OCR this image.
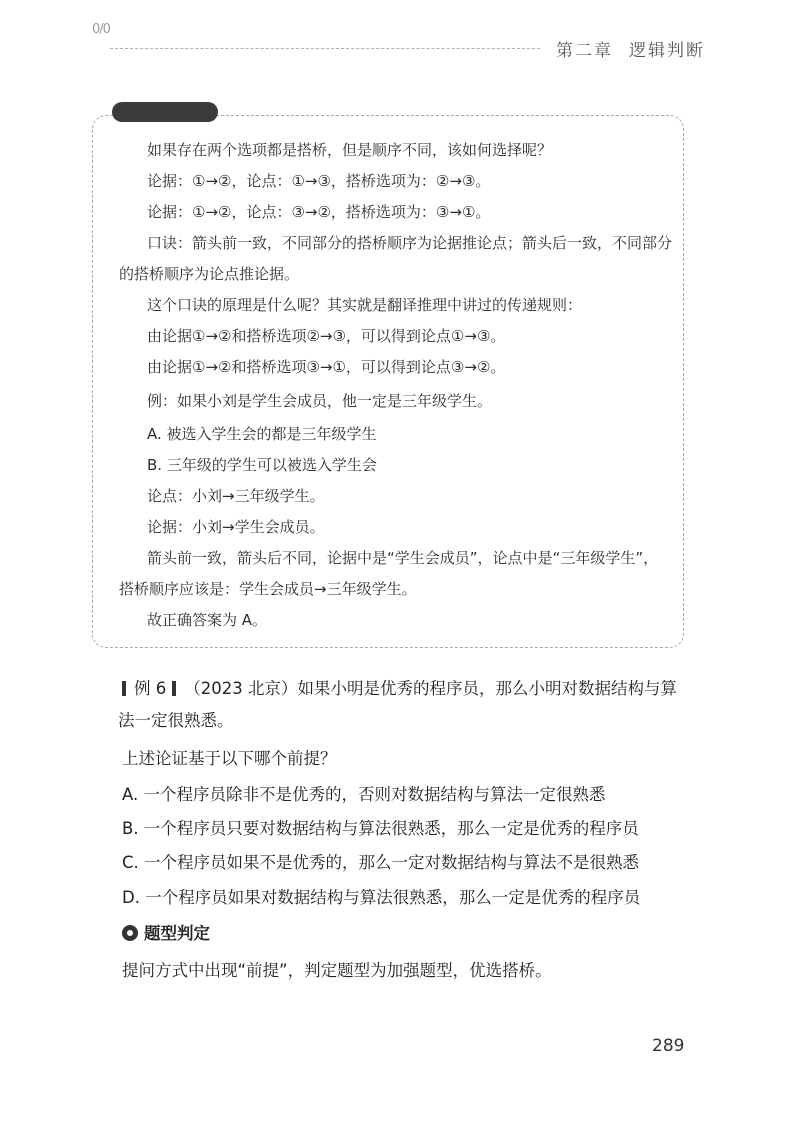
0/0
第二章 逻辑判断
如果存在两个选项都是搭桥，但是顺序不同，该如何选择呢？
论据：①→②，论点：①→③，搭桥选项为：②→③。
论据：①→②，论点：③→②，搭桥选项为：③→①。
口诀：箭头前一致，不同部分的搭桥顺序为论据推论点；箭头后一致，不同部分
的搭桥顺序为论点推论据。
这个口诀的原理是什么呢？其实就是翻译推理中讲过的传递规则：
由论据①→②和搭桥选项②→③，可以得到论点①→③。
由论据①→②和搭桥选项③→①，可以得到论点③→②。
例：如果小刘是学生会成员，他一定是三年级学生。
A. 被选入学生会的都是三年级学生
B. 三年级的学生可以被选入学生会
论点：小刘→三年级学生。
论据：小刘→学生会成员。
箭头前一致，箭头后不同，论据中是“学生会成员”，论点中是“三年级学生”，
搭桥顺序应该是：学生会成员→三年级学生。
故正确答案为 A。
例 6 （2023 北京）如果小明是优秀的程序员，那么小明对数据结构与算
法一定很熟悉。
上述论证基于以下哪个前提？
A. 一个程序员除非不是优秀的，否则对数据结构与算法一定很熟悉
B. 一个程序员只要对数据结构与算法很熟悉，那么一定是优秀的程序员
C. 一个程序员如果不是优秀的，那么一定对数据结构与算法不是很熟悉
D. 一个程序员如果对数据结构与算法很熟悉，那么一定是优秀的程序员
题型判定
提问方式中出现“前提”，判定题型为加强题型，优选搭桥。
289
